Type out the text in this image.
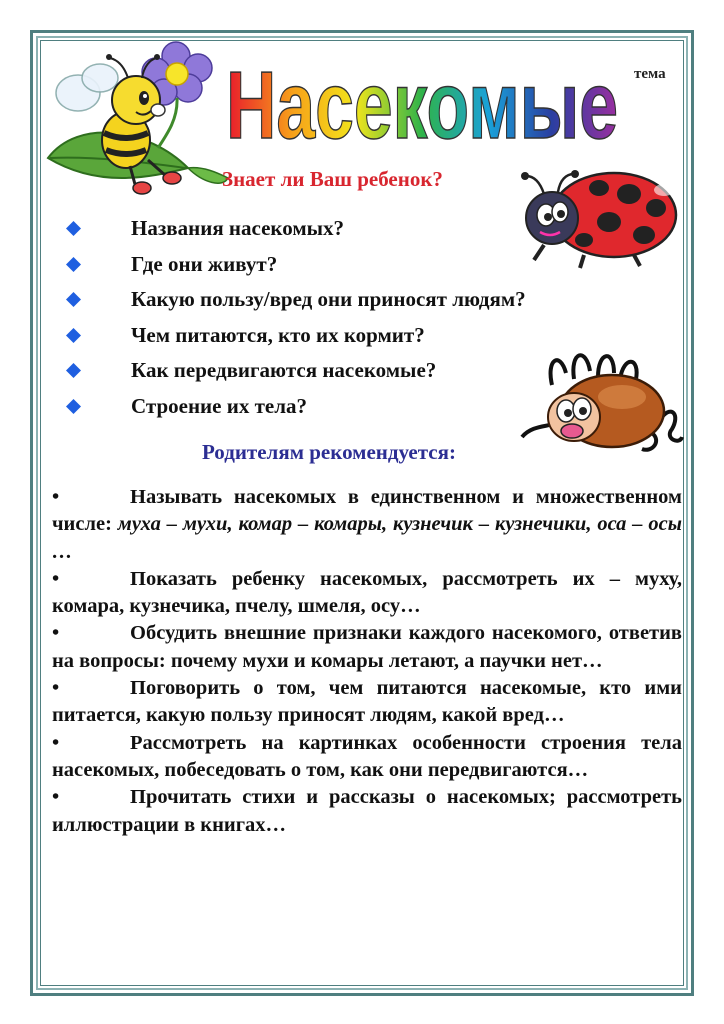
Насекомые тема
Знает ли Ваш ребенок?
Названия насекомых?
Где они живут?
Какую пользу/вред они приносят людям?
Чем питаются, кто их кормит?
Как передвигаются насекомые?
Строение их тела?
Родителям рекомендуется:

•	Называть насекомых в единственном и множественном числе: муха – мухи, комар – комары, кузнечик – кузнечики, оса – осы …

•	Показать ребенку насекомых, рассмотреть их – муху, комара, кузнечика, пчелу, шмеля, осу…

•	Обсудить внешние признаки каждого насекомого, ответив на вопросы: почему мухи и комары летают, а паучки нет…

•	Поговорить о том, чем питаются насекомые, кто ими питается, какую пользу приносят людям, какой вред…

•	Рассмотреть на картинках особенности строения тела насекомых, побеседовать о том, как они передвигаются…

•	Прочитать стихи и рассказы о насекомых; рассмотреть иллюстрации в книгах…
